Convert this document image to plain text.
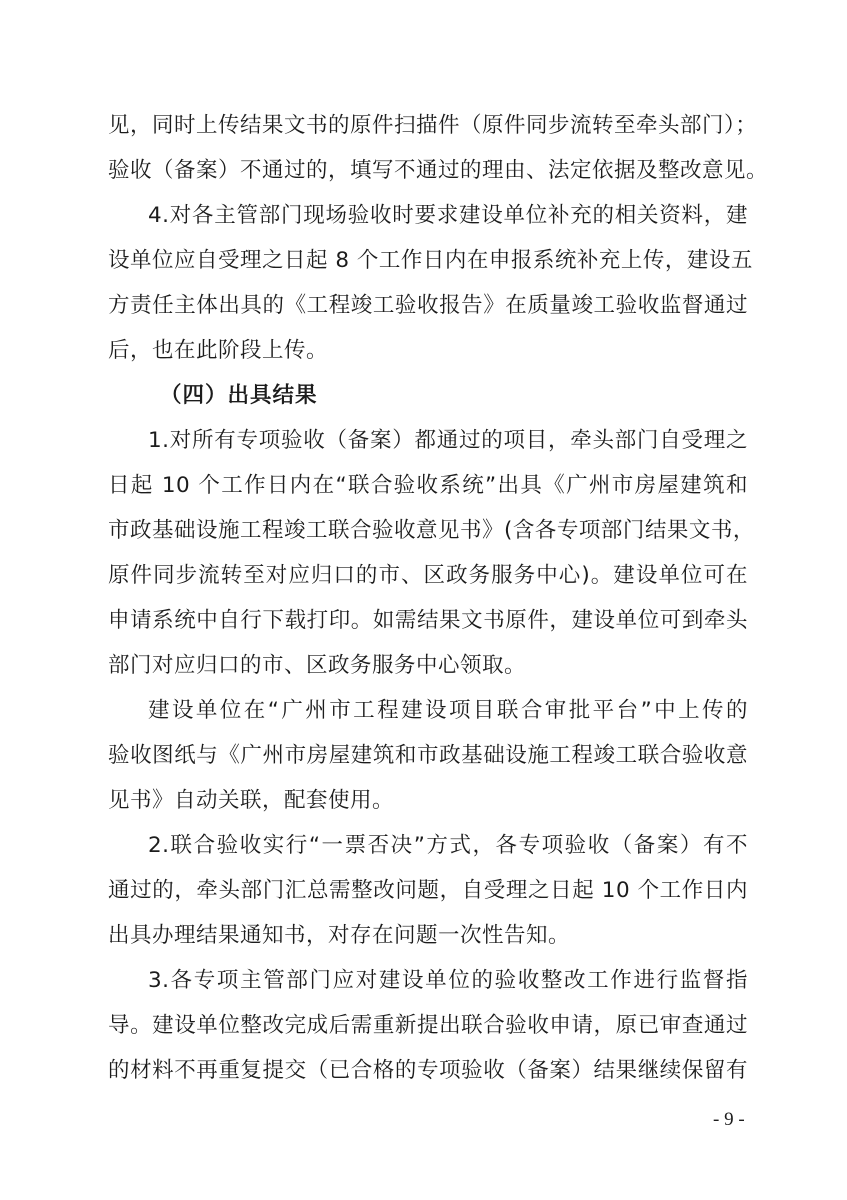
见，同时上传结果文书的原件扫描件（原件同步流转至牵头部门）；
验收（备案）不通过的，填写不通过的理由、法定依据及整改意见。
4.对各主管部门现场验收时要求建设单位补充的相关资料，建
设单位应自受理之日起 8 个工作日内在申报系统补充上传，建设五
方责任主体出具的《工程竣工验收报告》在质量竣工验收监督通过
后，也在此阶段上传。
（四）出具结果
1.对所有专项验收（备案）都通过的项目，牵头部门自受理之
日起 10 个工作日内在“联合验收系统”出具《广州市房屋建筑和
市政基础设施工程竣工联合验收意见书》(含各专项部门结果文书，
原件同步流转至对应归口的市、区政务服务中心)。建设单位可在
申请系统中自行下载打印。如需结果文书原件，建设单位可到牵头
部门对应归口的市、区政务服务中心领取。
建设单位在“广州市工程建设项目联合审批平台”中上传的
验收图纸与《广州市房屋建筑和市政基础设施工程竣工联合验收意
见书》自动关联，配套使用。
2.联合验收实行“一票否决”方式，各专项验收（备案）有不
通过的，牵头部门汇总需整改问题，自受理之日起 10 个工作日内
出具办理结果通知书，对存在问题一次性告知。
3.各专项主管部门应对建设单位的验收整改工作进行监督指
导。建设单位整改完成后需重新提出联合验收申请，原已审查通过
的材料不再重复提交（已合格的专项验收（备案）结果继续保留有
- 9 -
